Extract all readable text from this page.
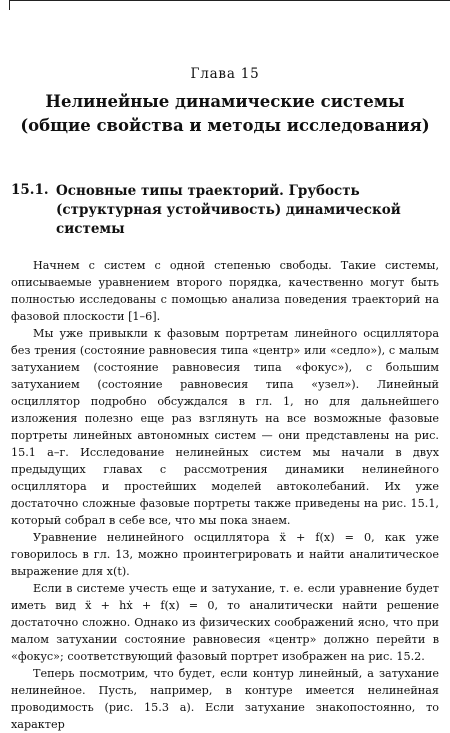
Глава 15
Нелинейные динамические системы (общие свойства и методы исследования)
15.1. Основные типы траекторий. Грубость (структурная устойчивость) динамической системы

Начнем с систем с одной степенью свободы. Такие системы, описываемые уравнением второго порядка, качественно могут быть полностью исследованы с помощью анализа поведения траекторий на фазовой плоскости [1–6].

Мы уже привыкли к фазовым портретам линейного осциллятора без трения (состояние равновесия типа «центр» или «седло»), с малым затуханием (состояние равновесия типа «фокус»), с большим затуханием (состояние равновесия типа «узел»). Линейный осциллятор подробно обсуждался в гл. 1, но для дальнейшего изложения полезно еще раз взглянуть на все возможные фазовые портреты линейных автономных систем — они представлены на рис. 15.1 а–г. Исследование нелинейных систем мы начали в двух предыдущих главах с рассмотрения динамики нелинейного осциллятора и простейших моделей автоколебаний. Их уже достаточно сложные фазовые портреты также приведены на рис. 15.1, который собрал в себе все, что мы пока знаем.

Уравнение нелинейного осциллятора ẍ + f(x) = 0, как уже говорилось в гл. 13, можно проинтегрировать и найти аналитическое выражение для x(t).

Если в системе учесть еще и затухание, т. е. если уравнение будет иметь вид ẍ + hẋ + f(x) = 0, то аналитически найти решение достаточно сложно. Однако из физических соображений ясно, что при малом затухании состояние равновесия «центр» должно перейти в «фокус»; соответствующий фазовый портрет изображен на рис. 15.2.

Теперь посмотрим, что будет, если контур линейный, а затухание нелинейное. Пусть, например, в контуре имеется нелинейная проводимость (рис. 15.3 а). Если затухание знакопостоянно, то характер
